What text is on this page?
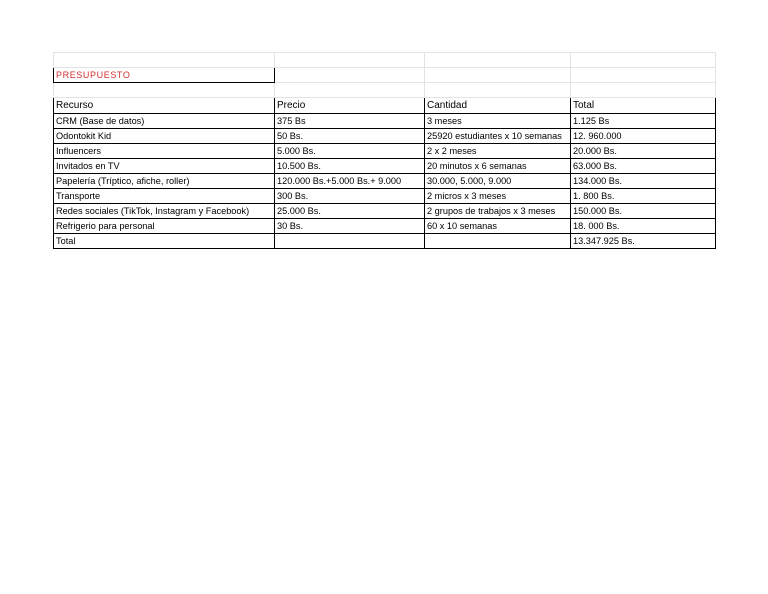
PRESUPUESTO			

Recurso	Precio	Cantidad	Total
CRM (Base de datos)	375 Bs	3 meses	1.125 Bs
Odontokit Kid	50 Bs.	25920 estudiantes x 10 semanas	12. 960.000
Influencers	5.000 Bs.	2 x 2 meses	20.000 Bs.
Invitados en TV	10.500 Bs.	20 minutos x 6 semanas	63.000 Bs.
Papelería (Tríptico, afiche, roller)	120.000 Bs.+5.000 Bs.+ 9.000	30.000, 5.000, 9.000	134.000 Bs.
Transporte	300 Bs.	2 micros x 3 meses	1. 800 Bs.
Redes sociales (TikTok, Instagram y Facebook)	25.000 Bs.	2 grupos de trabajos x 3 meses	150.000 Bs.
Refrigerio para personal	30 Bs.	60 x 10 semanas	18. 000 Bs.
Total			13.347.925 Bs.
